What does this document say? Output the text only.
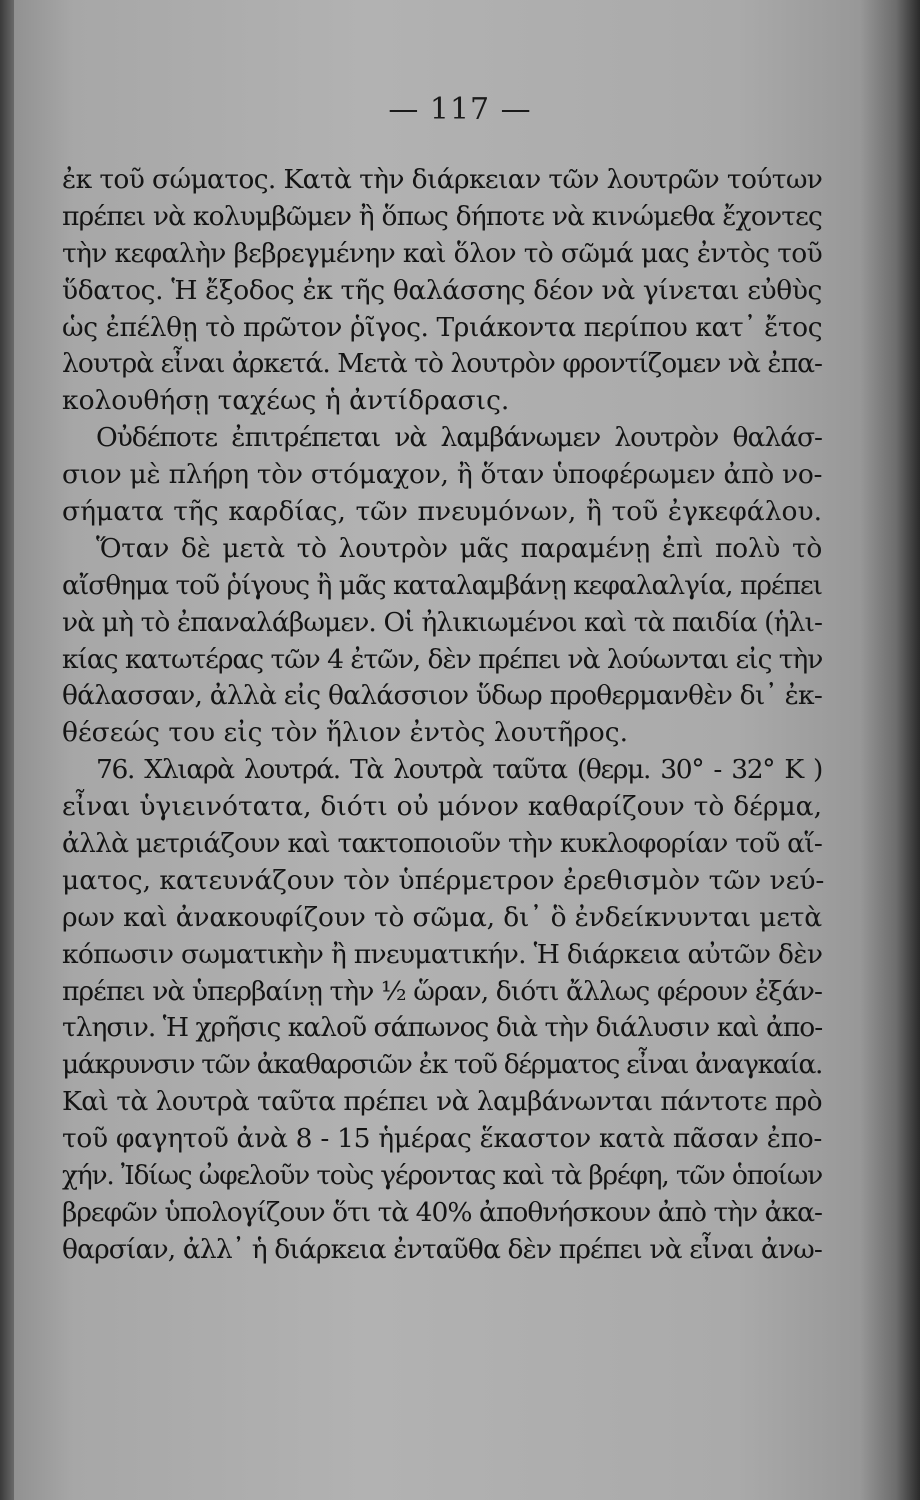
— 117 —
ἐκ τοῦ σώματος. Κατὰ τὴν διάρκειαν τῶν λουτρῶν τούτων
πρέπει νὰ κολυμβῶμεν ἢ ὅπως δήποτε νὰ κινώμεθα ἔχοντες
τὴν κεφαλὴν βεβρεγμένην καὶ ὅλον τὸ σῶμά μας ἐντὸς τοῦ
ὕδατος. Ἡ ἔξοδος ἐκ τῆς θαλάσσης δέον νὰ γίνεται εὐθὺς
ὡς ἐπέλθῃ τὸ πρῶτον ῥῖγος. Τριάκοντα περίπου κατ᾽ ἔτος
λουτρὰ εἶναι ἀρκετά. Μετὰ τὸ λουτρὸν φροντίζομεν νὰ ἐπα-
κολουθήσῃ ταχέως ἡ ἀντίδρασις.
Οὐδέποτε ἐπιτρέπεται νὰ λαμβάνωμεν λουτρὸν θαλάσ-
σιον μὲ πλήρη τὸν στόμαχον, ἢ ὅταν ὑποφέρωμεν ἀπὸ νο-
σήματα τῆς καρδίας, τῶν πνευμόνων, ἢ τοῦ ἐγκεφάλου.
Ὅταν δὲ μετὰ τὸ λουτρὸν μᾶς παραμένῃ ἐπὶ πολὺ τὸ
αἴσθημα τοῦ ῥίγους ἢ μᾶς καταλαμβάνῃ κεφαλαλγία, πρέπει
νὰ μὴ τὸ ἐπαναλάβωμεν. Οἱ ἠλικιωμένοι καὶ τὰ παιδία (ἡλι-
κίας κατωτέρας τῶν 4 ἐτῶν, δὲν πρέπει νὰ λούωνται εἰς τὴν
θάλασσαν, ἀλλὰ εἰς θαλάσσιον ὕδωρ προθερμανθὲν δι᾽ ἐκ-
θέσεώς του εἰς τὸν ἥλιον ἐντὸς λουτῆρος.
76. Χλιαρὰ λουτρά. Τὰ λουτρὰ ταῦτα (θερμ. 30° - 32° Κ )
εἶναι ὑγιεινότατα, διότι οὐ μόνον καθαρίζουν τὸ δέρμα,
ἀλλὰ μετριάζουν καὶ τακτοποιοῦν τὴν κυκλοφορίαν τοῦ αἵ-
ματος, κατευνάζουν τὸν ὑπέρμετρον ἐρεθισμὸν τῶν νεύ-
ρων καὶ ἀνακουφίζουν τὸ σῶμα, δι᾽ ὃ ἐνδείκνυνται μετὰ
κόπωσιν σωματικὴν ἢ πνευματικήν. Ἡ διάρκεια αὐτῶν δὲν
πρέπει νὰ ὑπερβαίνῃ τὴν ½ ὥραν, διότι ἄλλως φέρουν ἐξάν-
τλησιν. Ἡ χρῆσις καλοῦ σάπωνος διὰ τὴν διάλυσιν καὶ ἀπο-
μάκρυνσιν τῶν ἀκαθαρσιῶν ἐκ τοῦ δέρματος εἶναι ἀναγκαία.
Καὶ τὰ λουτρὰ ταῦτα πρέπει νὰ λαμβάνωνται πάντοτε πρὸ
τοῦ φαγητοῦ ἀνὰ 8 - 15 ἡμέρας ἕκαστον κατὰ πᾶσαν ἐπο-
χήν. Ἰδίως ὠφελοῦν τοὺς γέροντας καὶ τὰ βρέφη, τῶν ὁποίων
βρεφῶν ὑπολογίζουν ὅτι τὰ 40% ἀποθνήσκουν ἀπὸ τὴν ἀκα-
θαρσίαν, ἀλλ᾽ ἡ διάρκεια ἐνταῦθα δὲν πρέπει νὰ εἶναι ἀνω-
